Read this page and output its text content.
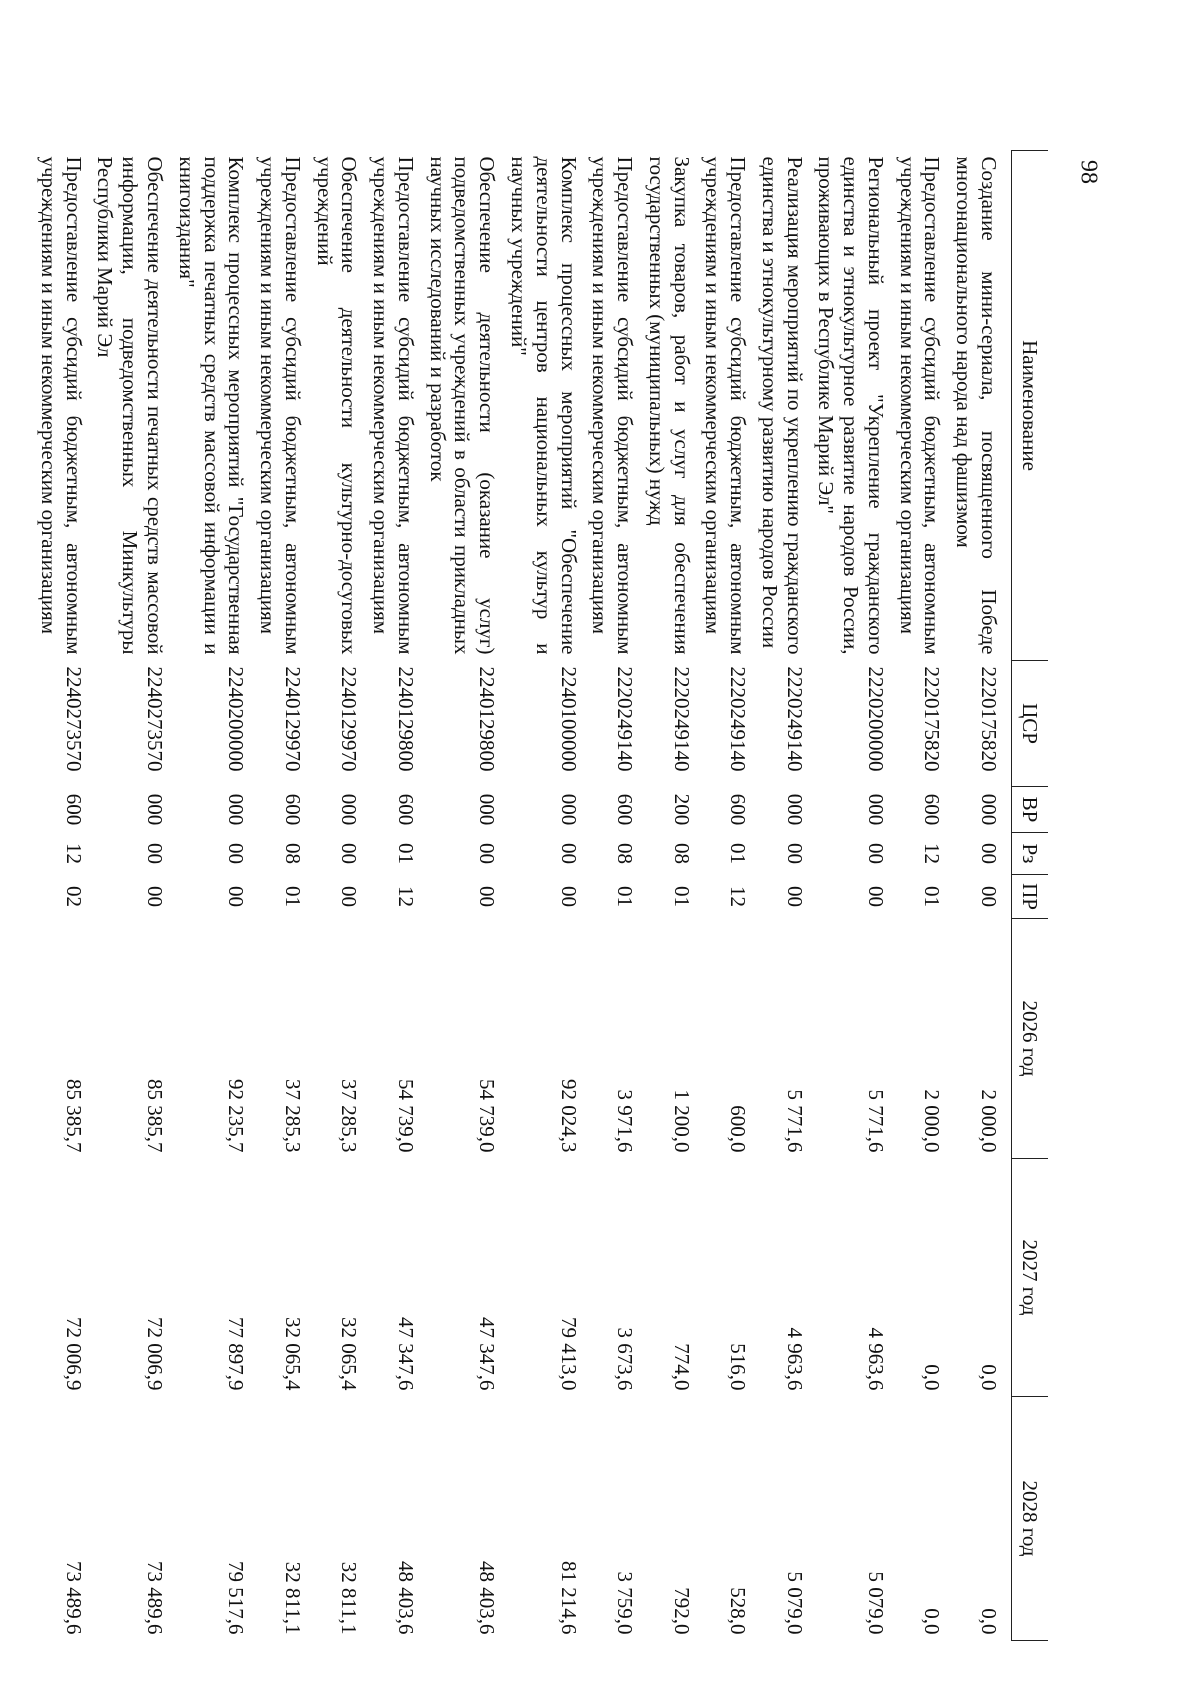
98
Наименование	ЦСР	ВР	Рз	ПР	2026 год	2027 год	2028 год
Создание мини-сериала, посвященного Победе многонационального народа над фашизмом	2220175820	000	00	00	2 000,0	0,0	0,0
Предоставление субсидий бюджетным, автономным учреждениям и иным некоммерческим организациям	2220175820	600	12	01	2 000,0	0,0	0,0
Региональный проект "Укрепление гражданского единства и этнокультурное развитие народов России, проживающих в Республике Марий Эл"	2220200000	000	00	00	5 771,6	4 963,6	5 079,0
Реализация мероприятий по укреплению гражданского единства и этнокультурному развитию народов России	2220249140	000	00	00	5 771,6	4 963,6	5 079,0
Предоставление субсидий бюджетным, автономным учреждениям и иным некоммерческим организациям	2220249140	600	01	12	600,0	516,0	528,0
Закупка товаров, работ и услуг для обеспечения государственных (муниципальных) нужд	2220249140	200	08	01	1 200,0	774,0	792,0
Предоставление субсидий бюджетным, автономным учреждениям и иным некоммерческим организациям	2220249140	600	08	01	3 971,6	3 673,6	3 759,0
Комплекс процессных мероприятий "Обеспечение деятельности центров национальных культур и научных учреждений"	2240100000	000	00	00	92 024,3	79 413,0	81 214,6
Обеспечение деятельности (оказание услуг) подведомственных учреждений в области прикладных научных исследований и разработок	2240129800	000	00	00	54 739,0	47 347,6	48 403,6
Предоставление субсидий бюджетным, автономным учреждениям и иным некоммерческим организациям	2240129800	600	01	12	54 739,0	47 347,6	48 403,6
Обеспечение деятельности культурно-досуговых учреждений	2240129970	000	00	00	37 285,3	32 065,4	32 811,1
Предоставление субсидий бюджетным, автономным учреждениям и иным некоммерческим организациям	2240129970	600	08	01	37 285,3	32 065,4	32 811,1
Комплекс процессных мероприятий "Государственная поддержка печатных средств массовой информации и книгоиздания"	2240200000	000	00	00	92 235,7	77 897,9	79 517,6
Обеспечение деятельности печатных средств массовой информации, подведомственных Минкультуры Республики Марий Эл	2240273570	000	00	00	85 385,7	72 006,9	73 489,6
Предоставление субсидий бюджетным, автономным учреждениям и иным некоммерческим организациям	2240273570	600	12	02	85 385,7	72 006,9	73 489,6
